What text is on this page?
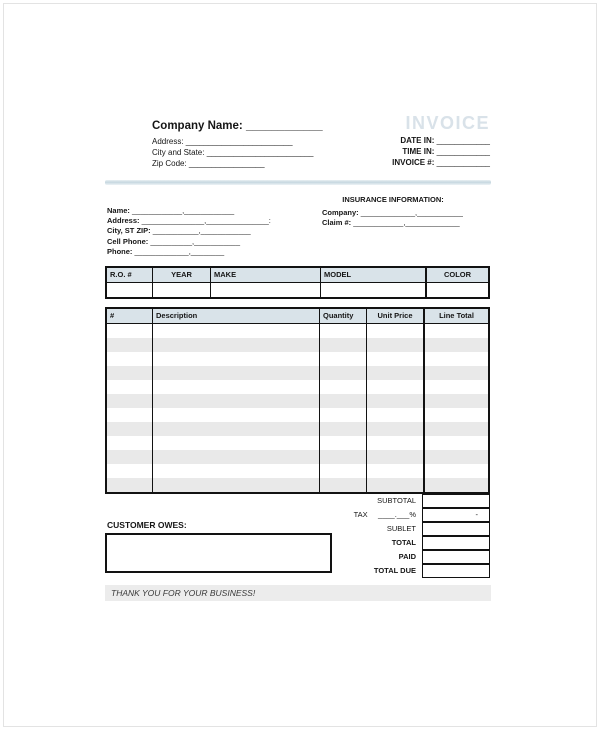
Company Name: ____________
Address: ________________________
City and State: ________________________
Zip Code: _________________
INVOICE
DATE IN: ____________
TIME IN: ____________
INVOICE #: ____________
Name: ____________,____________
Address: _______________,_______________:
City, ST ZIP: ___________,____________
Cell Phone: __________,___________
Phone: _____________,________
INSURANCE INFORMATION:
Company: _____________,___________
Claim #: ____________,_____________
R.O. #	YEAR	MAKE	MODEL	COLOR
#	Description	Quantity	Unit Price	Line Total
SUBTOTAL
TAX     ____.___%	-
SUBLET
TOTAL
PAID
TOTAL DUE
CUSTOMER OWES:
THANK YOU FOR YOUR BUSINESS!
